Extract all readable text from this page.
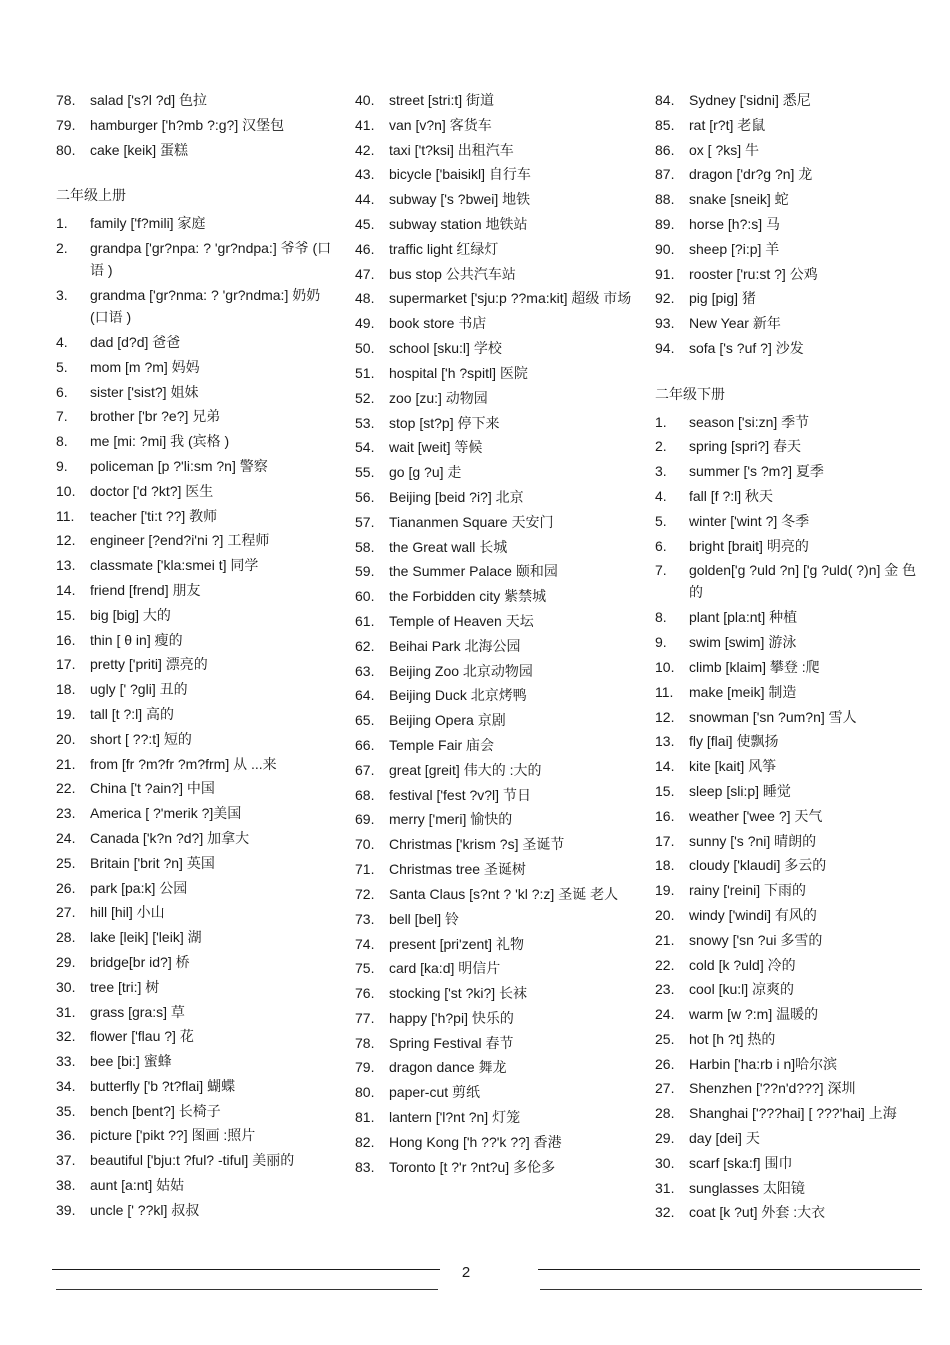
78.	salad ['s?l ?d] 色拉
79.	hamburger ['h?mb ?:g?] 汉堡包
80.	cake [keik] 蛋糕
二年级上册
1.	family ['f?mili] 家庭
2.	grandpa ['gr?npa: ? 'gr?ndpa:] 爷爷 (口语 )
3.	grandma ['gr?nma: ? 'gr?ndma:] 奶奶 (口语 )
4.	dad [d?d] 爸爸
5.	mom [m ?m] 妈妈
6.	sister ['sist?] 姐妹
7.	brother ['br ?e?] 兄弟
8.	me [mi: ?mi] 我 (宾格 )
9.	policeman [p ?'li:sm ?n] 警察
10.	doctor ['d ?kt?] 医生
11.	teacher ['ti:t ??] 教师
12.	engineer [?end?i'ni ?] 工程师
13.	classmate ['kla:smei t] 同学
14.	friend [frend] 朋友
15.	big [big] 大的
16.	thin [ θ in] 瘦的
17.	pretty ['priti] 漂亮的
18.	ugly [' ?gli] 丑的
19.	tall [t ?:l] 高的
20.	short [ ??:t] 短的
21.	from [fr ?m?fr ?m?frm] 从 ...来
22.	China ['t ?ain?] 中国
23.	America [ ?'merik ?]美国
24.	Canada ['k?n ?d?] 加拿大
25.	Britain ['brit ?n] 英国
26.	park [pa:k] 公园
27.	hill [hil] 小山
28.	lake [leik] ['leik] 湖
29.	bridge[br id?] 桥
30.	tree [tri:] 树
31.	grass [gra:s] 草
32.	flower ['flau ?] 花
33.	bee [bi:] 蜜蜂
34.	butterfly ['b ?t?flai] 蝴蝶
35.	bench [bent?] 长椅子
36.	picture ['pikt ??] 图画 :照片
37.	beautiful ['bju:t ?ful? -tiful] 美丽的
38.	aunt [a:nt] 姑姑
39.	uncle [' ??kl] 叔叔
40.	street [stri:t] 街道
41.	van [v?n] 客货车
42.	taxi ['t?ksi] 出租汽车
43.	bicycle ['baisikl] 自行车
44.	subway ['s ?bwei] 地铁
45.	subway station 地铁站
46.	traffic light 红绿灯
47.	bus stop 公共汽车站
48.	supermarket ['sju:p ??ma:kit] 超级 市场
49.	book store 书店
50.	school [sku:l] 学校
51.	hospital ['h ?spitl] 医院
52.	zoo [zu:] 动物园
53.	stop [st?p] 停下来
54.	wait [weit] 等候
55.	go [g ?u] 走
56.	Beijing [beid ?i?] 北京
57.	Tiananmen Square 天安门
58.	the Great wall 长城
59.	the Summer Palace 颐和园
60.	the Forbidden city 紫禁城
61.	Temple of Heaven 天坛
62.	Beihai Park 北海公园
63.	Beijing Zoo 北京动物园
64.	Beijing Duck 北京烤鸭
65.	Beijing Opera 京剧
66.	Temple Fair 庙会
67.	great [greit] 伟大的 :大的
68.	festival ['fest ?v?l] 节日
69.	merry ['meri] 愉快的
70.	Christmas ['krism ?s] 圣诞节
71.	Christmas tree 圣诞树
72.	Santa Claus [s?nt ? 'kl ?:z] 圣诞 老人
73.	bell [bel] 铃
74.	present [pri'zent] 礼物
75.	card [ka:d] 明信片
76.	stocking ['st ?ki?] 长袜
77.	happy ['h?pi] 快乐的
78.	Spring Festival 春节
79.	dragon dance 舞龙
80.	paper-cut 剪纸
81.	lantern ['l?nt ?n] 灯笼
82.	Hong Kong ['h ??'k ??] 香港
83.	Toronto [t ?'r ?nt?u] 多伦多
84.	Sydney ['sidni] 悉尼
85.	rat [r?t] 老鼠
86.	ox [ ?ks] 牛
87.	dragon ['dr?g ?n] 龙
88.	snake [sneik] 蛇
89.	horse [h?:s] 马
90.	sheep [?i:p] 羊
91.	rooster ['ru:st ?] 公鸡
92.	pig [pig] 猪
93.	New Year 新年
94.	sofa ['s ?uf ?] 沙发
二年级下册
1.	season ['si:zn] 季节
2.	spring [spri?] 春天
3.	summer ['s ?m?] 夏季
4.	fall [f ?:l] 秋天
5.	winter ['wint ?] 冬季
6.	bright [brait] 明亮的
7.	golden['g ?uld ?n] ['g ?uld( ?)n] 金 色的
8.	plant [pla:nt] 种植
9.	swim [swim] 游泳
10.	climb [klaim] 攀登 :爬
11.	make [meik] 制造
12.	snowman ['sn ?um?n] 雪人
13.	fly [flai] 使飘扬
14.	kite [kait] 风筝
15.	sleep [sli:p] 睡觉
16.	weather ['wee ?] 天气
17.	sunny ['s ?ni] 晴朗的
18.	cloudy ['klaudi] 多云的
19.	rainy ['reini] 下雨的
20.	windy ['windi] 有风的
21.	snowy ['sn ?ui 多雪的
22.	cold [k ?uld] 冷的
23.	cool [ku:l] 凉爽的
24.	warm [w ?:m] 温暖的
25.	hot [h ?t] 热的
26.	Harbin ['ha:rb i n]哈尔滨
27.	Shenzhen ['??n'd???] 深圳
28.	Shanghai ['???hai] [ ???'hai] 上海
29.	day [dei] 天
30.	scarf [ska:f] 围巾
31.	sunglasses 太阳镜
32.	coat [k ?ut] 外套 :大衣
2
